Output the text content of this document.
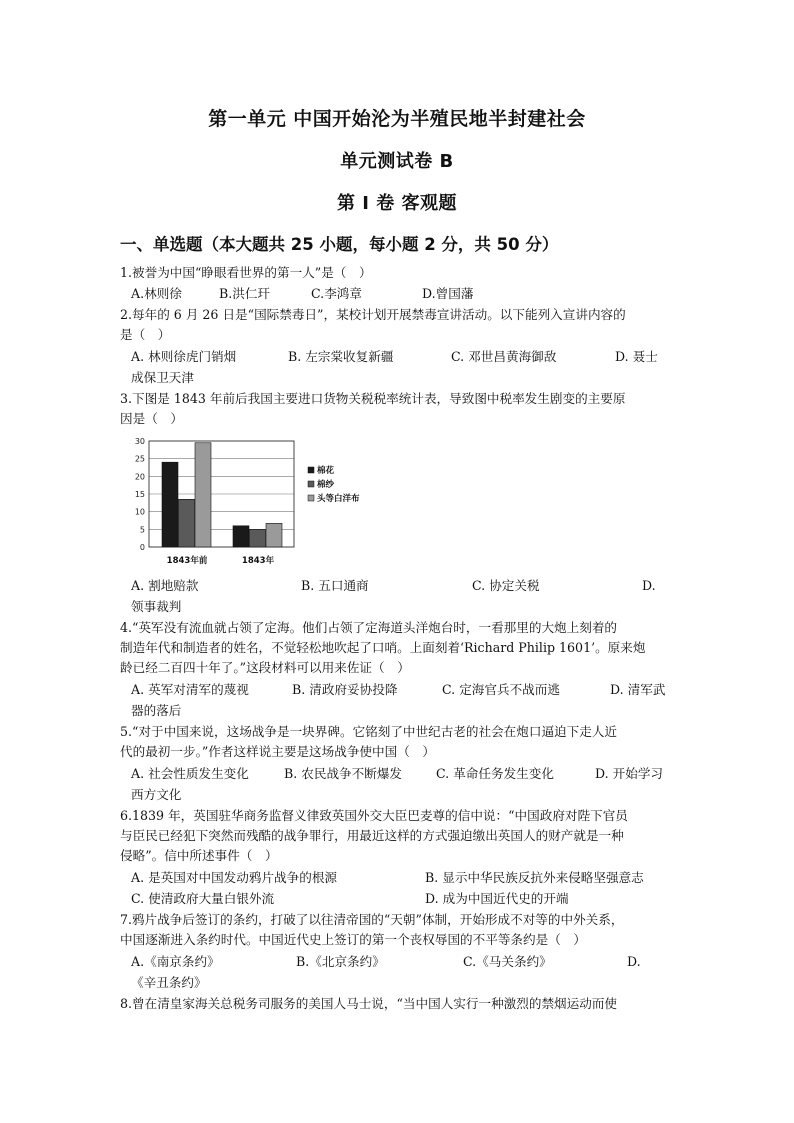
第一单元 中国开始沦为半殖民地半封建社会
单元测试卷 B
第 I 卷 客观题
一、单选题（本大题共 25 小题，每小题 2 分，共 50 分）
1.被誉为中国“睁眼看世界的第一人”是（　）
A.林则徐	B.洪仁玕	C.李鸿章	D.曾国藩
2.每年的 6 月 26 日是“国际禁毒日”，某校计划开展禁毒宣讲活动。以下能列入宣讲内容的
是（　）
A. 林则徐虎门销烟	B. 左宗棠收复新疆	C. 邓世昌黄海御敌	D. 聂士
成保卫天津
3.下图是 1843 年前后我国主要进口货物关税税率统计表，导致图中税率发生剧变的主要原
因是（　）
0
5
10
15
20
25
30
1843年前	1843年
棉花
棉纱
头等白洋布
A. 割地赔款	B. 五口通商	C. 协定关税	D.
领事裁判
4.“英军没有流血就占领了定海。他们占领了定海道头洋炮台时，一看那里的大炮上刻着的
制造年代和制造者的姓名，不觉轻松地吹起了口哨。上面刻着‘Richard Philip 1601’。原来炮
龄已经二百四十年了。”这段材料可以用来佐证（　）
A. 英军对清军的蔑视	B. 清政府妥协投降	C. 定海官兵不战而逃	D. 清军武
器的落后
5.“对于中国来说，这场战争是一块界碑。它铭刻了中世纪古老的社会在炮口逼迫下走人近
代的最初一步。”作者这样说主要是这场战争使中国（　）
A. 社会性质发生变化	B. 农民战争不断爆发	C. 革命任务发生变化	D. 开始学习
西方文化
6.1839 年，英国驻华商务监督义律致英国外交大臣巴麦尊的信中说：“中国政府对陛下官员
与臣民已经犯下突然而残酷的战争罪行，用最近这样的方式强迫缴出英国人的财产就是一种
侵略”。信中所述事件（　）
A. 是英国对中国发动鸦片战争的根源	B. 显示中华民族反抗外来侵略坚强意志
C. 使清政府大量白银外流	D. 成为中国近代史的开端
7.鸦片战争后签订的条约，打破了以往清帝国的“天朝”体制，开始形成不对等的中外关系，
中国逐渐进入条约时代。中国近代史上签订的第一个丧权辱国的不平等条约是（　）
A.《南京条约》	B.《北京条约》	C.《马关条约》	D.
《辛丑条约》
8.曾在清皇家海关总税务司服务的美国人马士说，“当中国人实行一种激烈的禁烟运动而使
